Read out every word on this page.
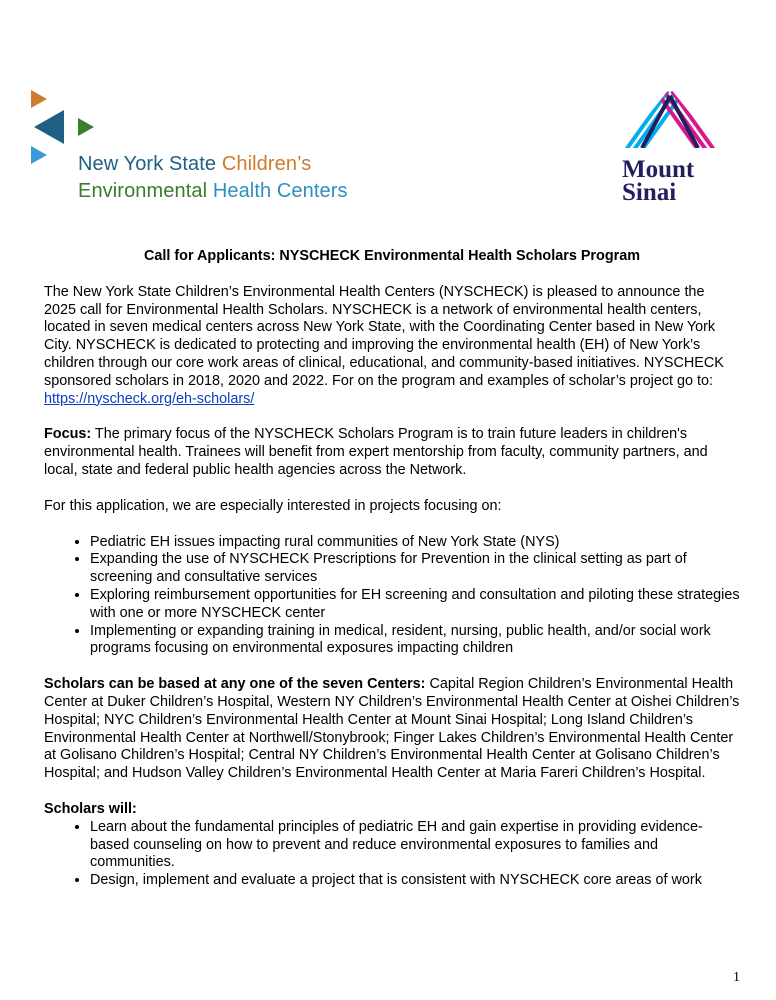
New York State Children’s
Environmental Health Centers
Mount
Sinai
Call for Applicants: NYSCHECK Environmental Health Scholars Program

The New York State Children’s Environmental Health Centers (NYSCHECK) is pleased to announce the 2025 call for Environmental Health Scholars. NYSCHECK is a network of environmental health centers, located in seven medical centers across New York State, with the Coordinating Center based in New York City. NYSCHECK is dedicated to protecting and improving the environmental health (EH) of New York’s children through our core work areas of clinical, educational, and community-based initiatives. NYSCHECK sponsored scholars in 2018, 2020 and 2022. For on the program and examples of scholar’s project go to: https://nyscheck.org/eh-scholars/

Focus: The primary focus of the NYSCHECK Scholars Program is to train future leaders in children's environmental health. Trainees will benefit from expert mentorship from faculty, community partners, and local, state and federal public health agencies across the Network.

For this application, we are especially interested in projects focusing on:

• Pediatric EH issues impacting rural communities of New York State (NYS)
• Expanding the use of NYSCHECK Prescriptions for Prevention in the clinical setting as part of screening and consultative services
• Exploring reimbursement opportunities for EH screening and consultation and piloting these strategies with one or more NYSCHECK center
• Implementing or expanding training in medical, resident, nursing, public health, and/or social work programs focusing on environmental exposures impacting children

Scholars can be based at any one of the seven Centers: Capital Region Children’s Environmental Health Center at Duker Children’s Hospital, Western NY Children’s Environmental Health Center at Oishei Children’s Hospital; NYC Children’s Environmental Health Center at Mount Sinai Hospital; Long Island Children’s Environmental Health Center at Northwell/Stonybrook; Finger Lakes Children’s Environmental Health Center at Golisano Children’s Hospital; Central NY Children’s Environmental Health Center at Golisano Children’s Hospital; and Hudson Valley Children’s Environmental Health Center at Maria Fareri Children’s Hospital.

Scholars will:
• Learn about the fundamental principles of pediatric EH and gain expertise in providing evidence-based counseling on how to prevent and reduce environmental exposures to families and communities.
• Design, implement and evaluate a project that is consistent with NYSCHECK core areas of work
1
